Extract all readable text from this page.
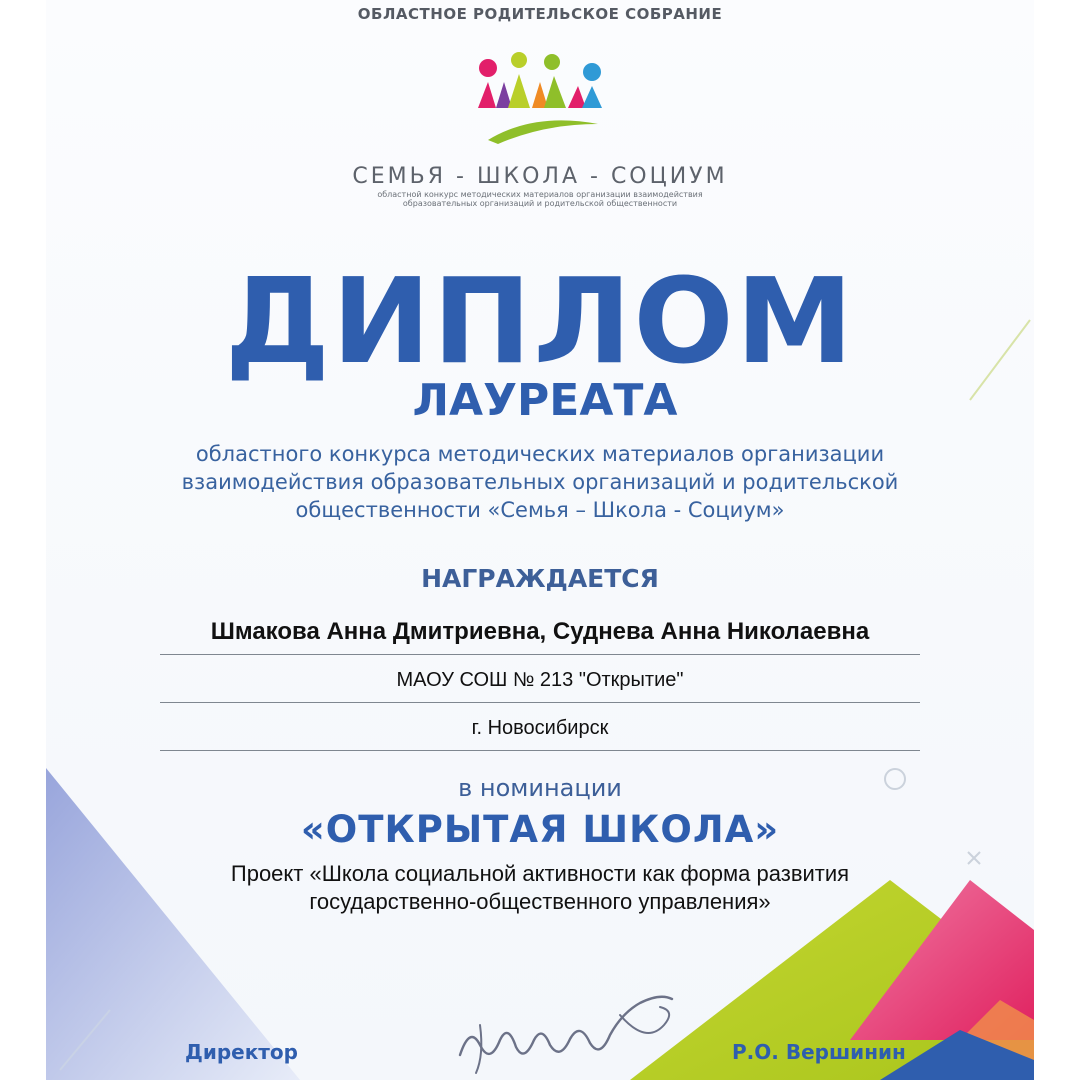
ОБЛАСТНОЕ РОДИТЕЛЬСКОЕ СОБРАНИЕ

СЕМЬЯ - ШКОЛА - СОЦИУМ

областной конкурс методических материалов организации взаимодействия
образовательных организаций и родительской общественности

ДИПЛОМ

ЛАУРЕАТА

областного конкурса методических материалов организации
взаимодействия образовательных организаций и родительской
общественности «Семья – Школа - Социум»

НАГРАЖДАЕТСЯ

Шмакова Анна Дмитриевна, Суднева Анна Николаевна
МАОУ СОШ № 213 "Открытие"
г. Новосибирск

в номинации

«ОТКРЫТАЯ ШКОЛА»

Проект «Школа социальной активности как форма развития
государственно-общественного управления»

Директор	Р.О. Вершинин
